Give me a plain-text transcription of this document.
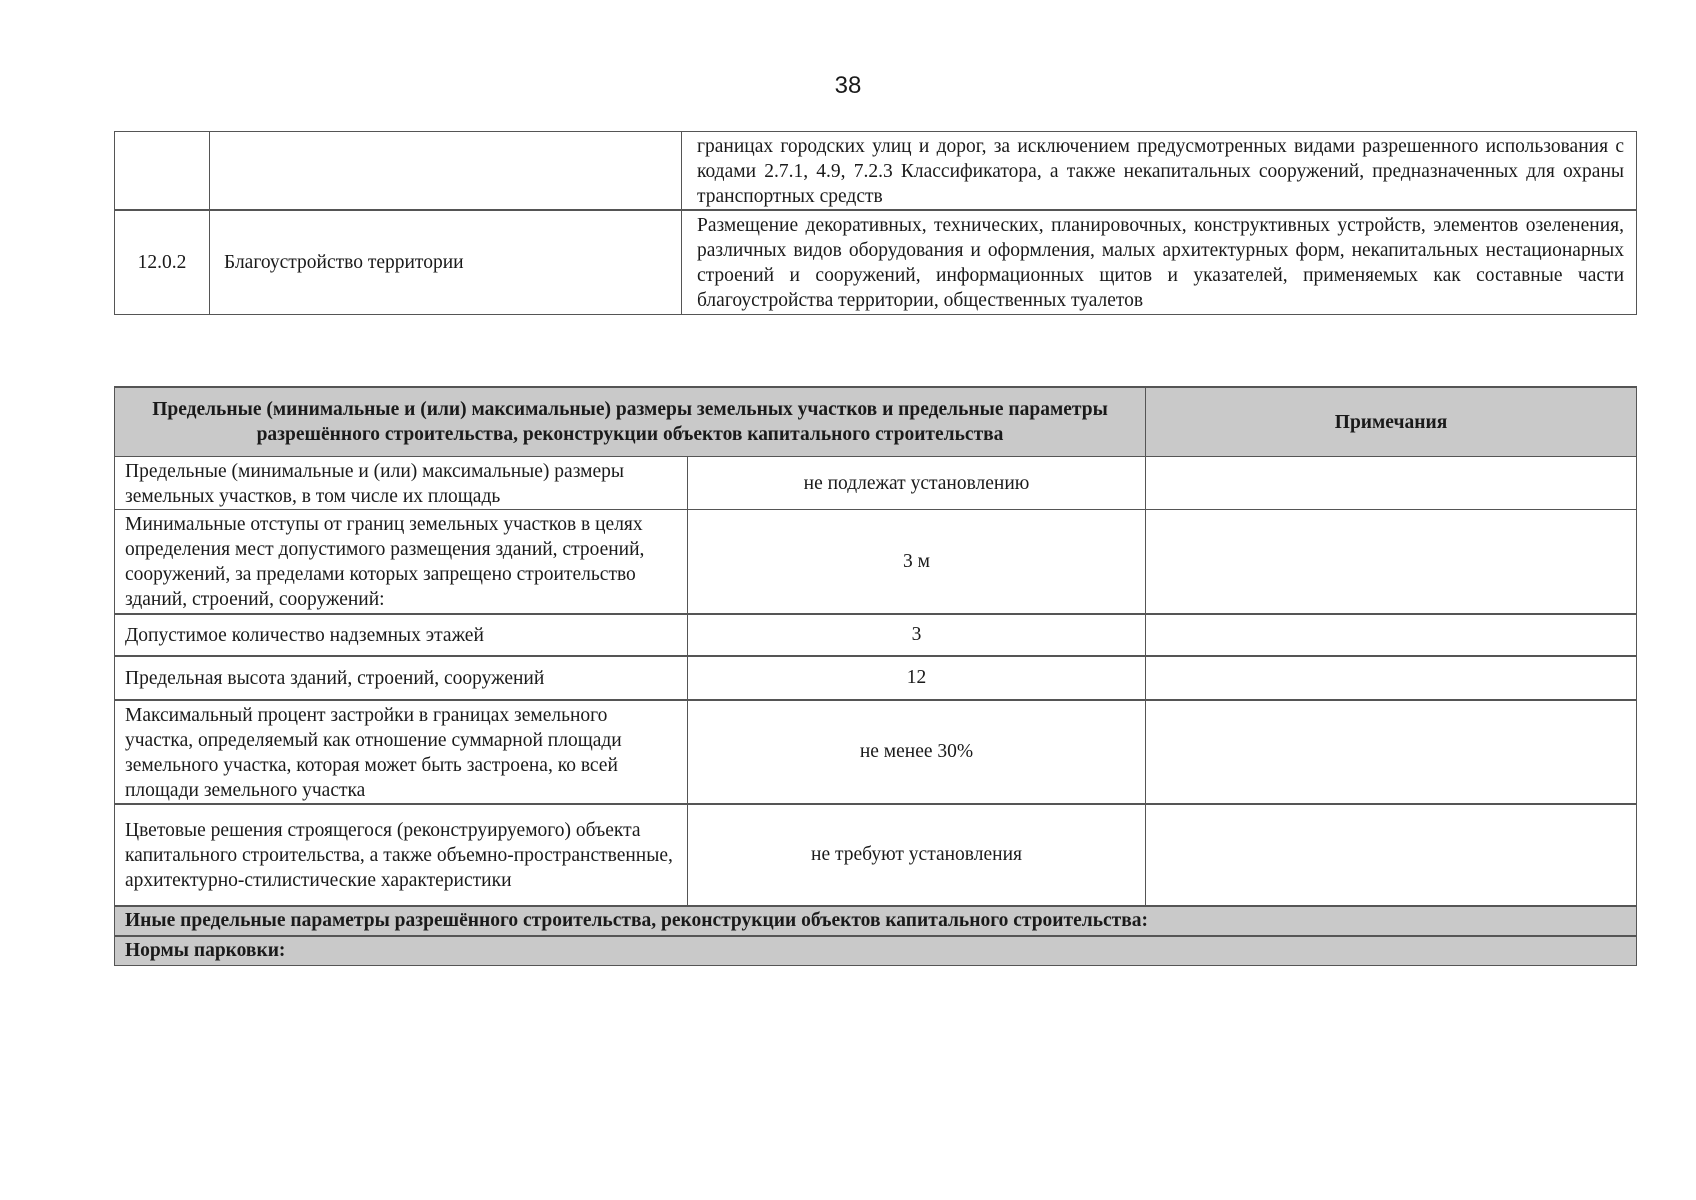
38
		границах городских улиц и дорог, за исключением предусмотренных видами разрешенного использования с кодами 2.7.1, 4.9, 7.2.3 Классификатора, а также некапитальных сооружений, предназначенных для охраны транспортных средств
12.0.2	Благоустройство территории	Размещение декоративных, технических, планировочных, конструктивных устройств, элементов озеленения, различных видов оборудования и оформления, малых архитектурных форм, некапитальных нестационарных строений и сооружений, информационных щитов и указателей, применяемых как составные части благоустройства территории, общественных туалетов
Предельные (минимальные и (или) максимальные) размеры земельных участков и предельные параметры разрешённого строительства, реконструкции объектов капитального строительства		Примечания
Предельные (минимальные и (или) максимальные) размеры земельных участков, в том числе их площадь	не подлежат установлению	
Минимальные отступы от границ земельных участков в целях определения мест допустимого размещения зданий, строений, сооружений, за пределами которых запрещено строительство зданий, строений, сооружений:	3 м	
Допустимое количество надземных этажей	3	
Предельная высота зданий, строений, сооружений	12	
Максимальный процент застройки в границах земельного участка, определяемый как отношение суммарной площади земельного участка, которая может быть застроена, ко всей площади земельного участка	не менее 30%	
Цветовые решения строящегося (реконструируемого) объекта капитального строительства, а также объемно-пространственные, архитектурно-стилистические характеристики	не требуют установления	
Иные предельные параметры разрешённого строительства, реконструкции объектов капитального строительства:		
Нормы парковки:		
